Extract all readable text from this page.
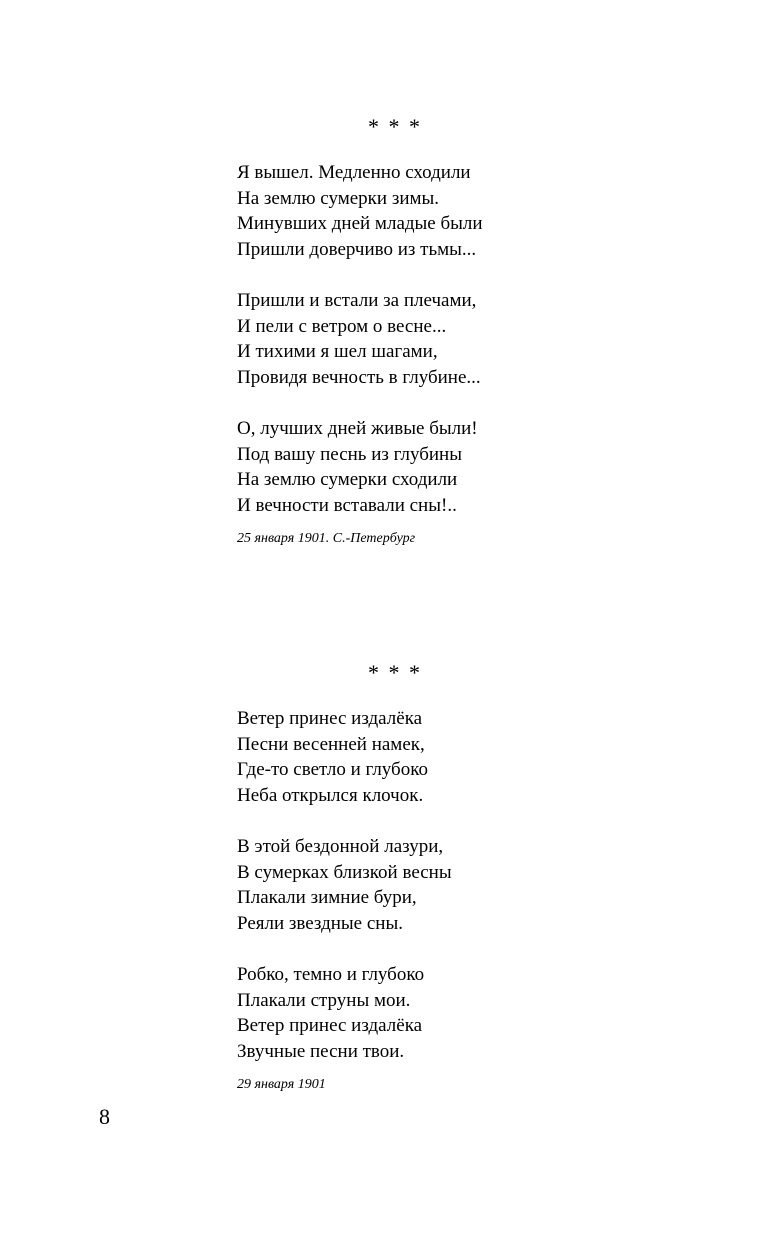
* * *
Я вышел. Медленно сходили
На землю сумерки зимы.
Минувших дней младые были
Пришли доверчиво из тьмы...
Пришли и встали за плечами,
И пели с ветром о весне...
И тихими я шел шагами,
Провидя вечность в глубине...
О, лучших дней живые были!
Под вашу песнь из глубины
На землю сумерки сходили
И вечности вставали сны!..
25 января 1901. С.-Петербург
* * *
Ветер принес издалёка
Песни весенней намек,
Где-то светло и глубоко
Неба открылся клочок.
В этой бездонной лазури,
В сумерках близкой весны
Плакали зимние бури,
Реяли звездные сны.
Робко, темно и глубоко
Плакали струны мои.
Ветер принес издалёка
Звучные песни твои.
29 января 1901
8
